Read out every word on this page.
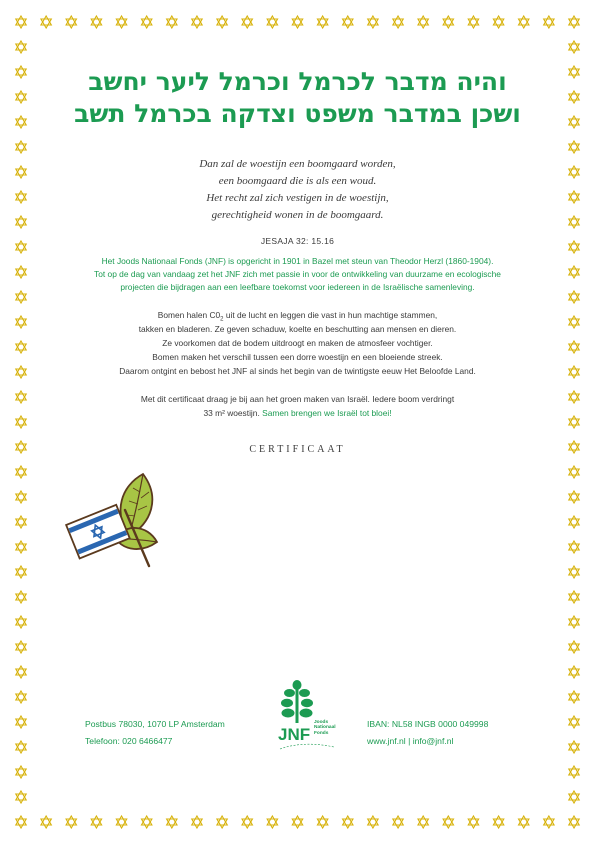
והיה מדבר לכרמל וכרמל ליער יחשב

ושכן במדבר משפט וצדקה בכרמל תשב

Dan zal de woestijn een boomgaard worden,
een boomgaard die is als een woud.
Het recht zal zich vestigen in de woestijn,
gerechtigheid wonen in de boomgaard.
JESAJA 32: 15.16
Het Joods Nationaal Fonds (JNF) is opgericht in 1901 in Bazel met steun van Theodor Herzl (1860-1904).
Tot op de dag van vandaag zet het JNF zich met passie in voor de ontwikkeling van duurzame en ecologische
projecten die bijdragen aan een leefbare toekomst voor iedereen in de Israëlische samenleving.
Bomen halen $C0_2$ uit de lucht en leggen die vast in hun machtige stammen,
takken en bladeren. Ze geven schaduw, koelte en beschutting aan mensen en dieren.
Ze voorkomen dat de bodem uitdroogt en maken de atmosfeer vochtiger.
Bomen maken het verschil tussen een dorre woestijn en een bloeiende streek.
Daarom ontgint en bebost het JNF al sinds het begin van de twintigste eeuw Het Beloofde Land.
Met dit certificaat draag je bij aan het groen maken van Israël. Iedere boom verdringt
33 m² woestijn. Samen brengen we Israël tot bloei!
CERTIFICAAT
Postbus 78030, 1070 LP Amsterdam
Telefoon: 020 6466477	JNF
Joods
Nationaal
Fonds
IBAN: NL58 INGB 0000 049998
www.jnf.nl | info@jnf.nl
